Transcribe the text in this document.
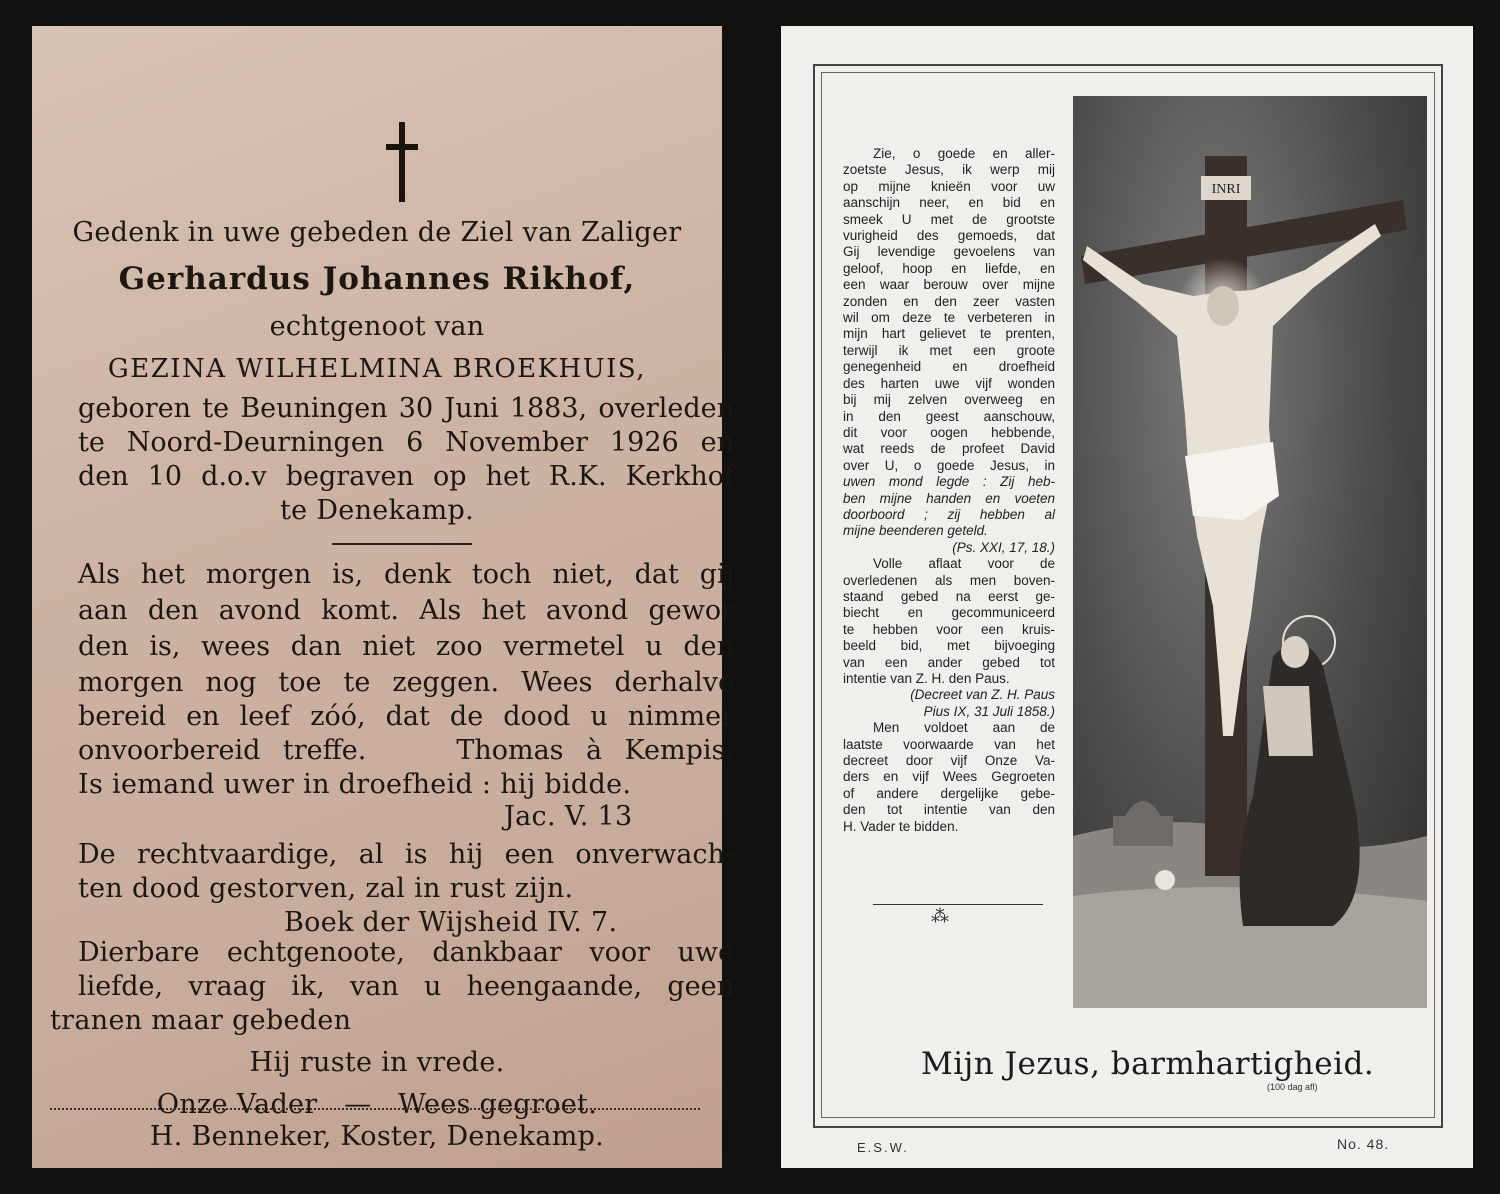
Gedenk in uwe gebeden de Ziel van Zaliger
Gerhardus Johannes Rikhof,
echtgenoot van
GEZINA WILHELMINA BROEKHUIS,
geboren te Beuningen 30 Juni 1883, overleden
te Noord-Deurningen 6 November 1926 en
den 10 d.o.v begraven op het R.K. Kerkhof
te Denekamp.
Als het morgen is, denk toch niet, dat gij
aan den avond komt. Als het avond gewor
den is, wees dan niet zoo vermetel u den
morgen nog toe te zeggen. Wees derhalve
bereid en leef zóó, dat de dood u nimmer
onvoorbereid treffe.    Thomas à Kempis.
Is iemand uwer in droefheid : hij bidde.
Jac. V. 13
De rechtvaardige, al is hij een onverwach-
ten dood gestorven, zal in rust zijn.
Boek der Wijsheid IV. 7.
Dierbare echtgenoote, dankbaar voor uwe
liefde, vraag ik, van u heengaande, geen
tranen maar gebeden
Hij ruste in vrede.
Onze Vader   —   Wees gegroet.
H. Benneker, Koster, Denekamp.
Zie, o goede en aller-
zoetste Jesus, ik werp mij
op mijne knieën voor uw
aanschijn neer, en bid en
smeek U met de grootste
vurigheid des gemoeds, dat
Gij levendige gevoelens van
geloof, hoop en liefde, en
een waar berouw over mijne
zonden en den zeer vasten
wil om deze te verbeteren in
mijn hart gelievet te prenten,
terwijl ik met een groote
genegenheid en droefheid
des harten uwe vijf wonden
bij mij zelven overweeg en
in den geest aanschouw,
dit voor oogen hebbende,
wat reeds de profeet David
over U, o goede Jesus, in
uwen mond legde : Zij heb-
ben mijne handen en voeten
doorboord ; zij hebben al
mijne beenderen geteld.
(Ps. XXI, 17, 18.)
Volle aflaat voor de
overledenen als men boven-
staand gebed na eerst ge-
biecht en gecommuniceerd
te hebben voor een kruis-
beeld bid, met bijvoeging
van een ander gebed tot
intentie van Z. H. den Paus.
(Decreet van Z. H. Paus
Pius IX, 31 Juli 1858.)
Men voldoet aan de
laatste voorwaarde van het
decreet door vijf Onze Va-
ders en vijf Wees Gegroeten
of andere dergelijke gebe-
den tot intentie van den
H. Vader te bidden.
INRI
⁂
Mijn Jezus, barmhartigheid.
(100 dag afl)
E.S.W.	No. 48.
